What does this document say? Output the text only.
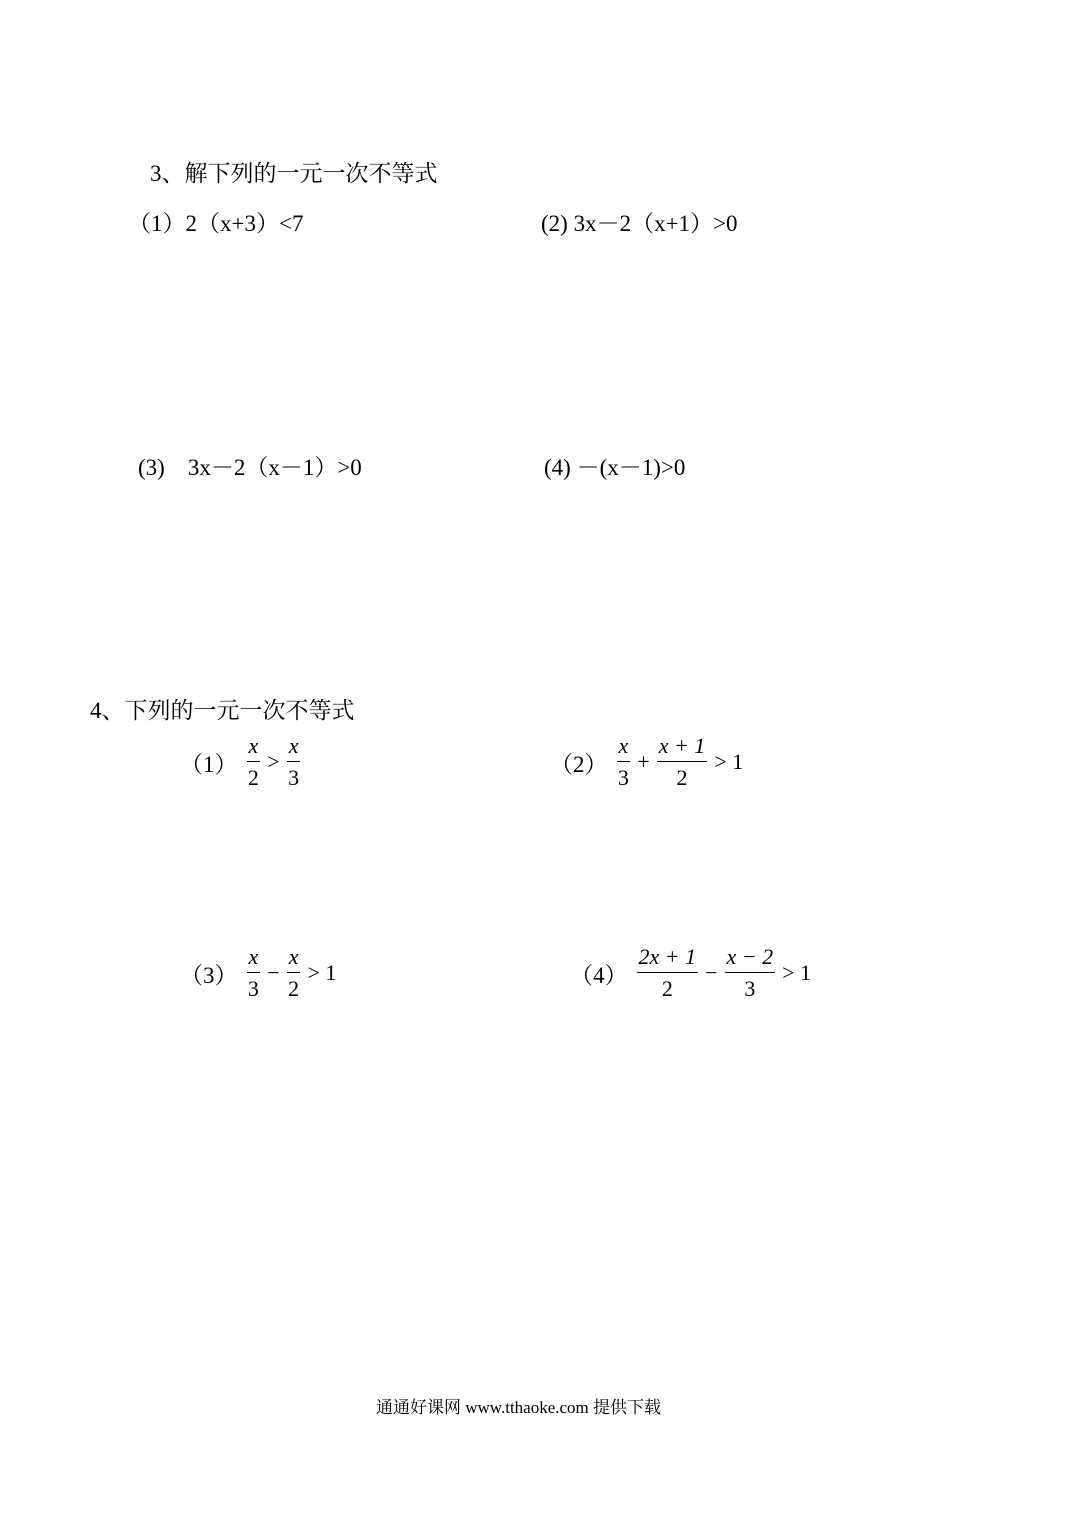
3、解下列的一元一次不等式
（1）2（x+3）<7	(2) 3x－2（x+1）>0
(3)　3x－2（x－1）>0	(4) －(x－1)>0
4、下列的一元一次不等式
$(1) \frac{x}{2} > \frac{x}{3}$	$(2) \frac{x}{3} + \frac{x + 1}{2} > 1$
$(3) \frac{x}{3} - \frac{x}{2} > 1$	$(4) \frac{2x + 1}{2} - \frac{x - 2}{3} > 1$
通通好课网 www.tthaoke.com 提供下载
